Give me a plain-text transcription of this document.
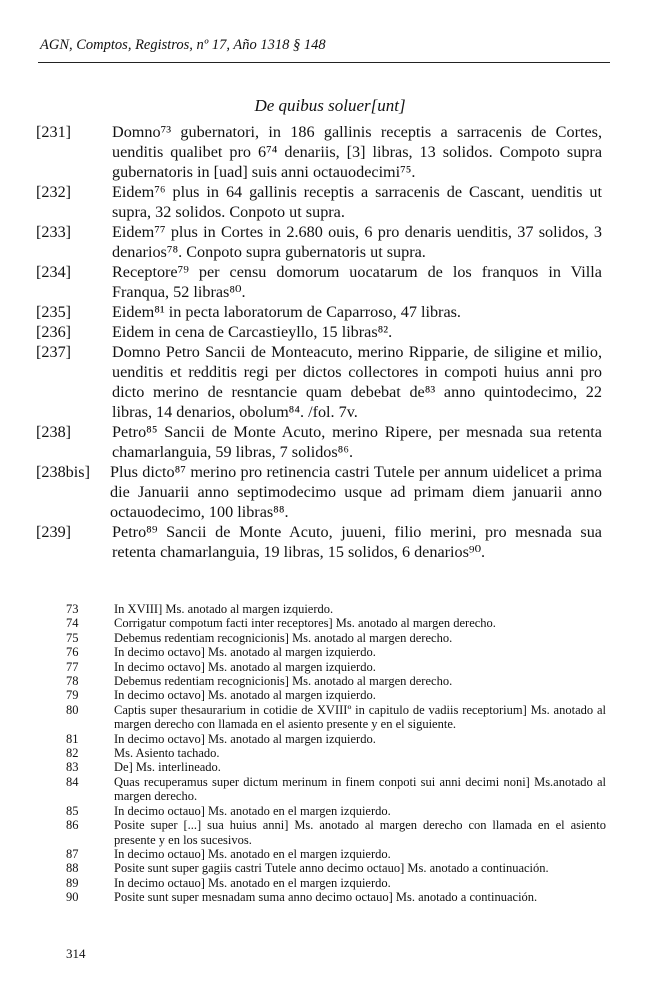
AGN, Comptos, Registros, nº 17, Año 1318 § 148
De quibus soluer[unt]
[231]	Domno⁷³ gubernatori, in 186 gallinis receptis a sarracenis de Cortes, uenditis qualibet pro 6⁷⁴ denariis, [3] libras, 13 solidos. Compoto supra gubernatoris in [uad] suis anni octauodecimi⁷⁵.
[232]	Eidem⁷⁶ plus in 64 gallinis receptis a sarracenis de Cascant, uenditis ut supra, 32 solidos. Conpoto ut supra.
[233]	Eidem⁷⁷ plus in Cortes in 2.680 ouis, 6 pro denaris uenditis, 37 solidos, 3 denarios⁷⁸. Conpoto supra gubernatoris ut supra.
[234]	Receptore⁷⁹ per censu domorum uocatarum de los franquos in Villa Franqua, 52 libras⁸⁰.
[235]	Eidem⁸¹ in pecta laboratorum de Caparroso, 47 libras.
[236]	Eidem in cena de Carcastieyllo, 15 libras⁸².
[237]	Domno Petro Sancii de Monteacuto, merino Ripparie, de siligine et milio, uenditis et redditis regi per dictos collectores in compoti huius anni pro dicto merino de resntancie quam debebat de⁸³ anno quintodecimo, 22 libras, 14 denarios, obolum⁸⁴. /fol. 7v.
[238]	Petro⁸⁵ Sancii de Monte Acuto, merino Ripere, per mesnada sua retenta chamarlanguia, 59 libras, 7 solidos⁸⁶.
[238bis]	Plus dicto⁸⁷ merino pro retinencia castri Tutele per annum uidelicet a prima die Januarii anno septimodecimo usque ad primam diem januarii anno octauodecimo, 100 libras⁸⁸.
[239]	Petro⁸⁹ Sancii de Monte Acuto, juueni, filio merini, pro mesnada sua retenta chamarlanguia, 19 libras, 15 solidos, 6 denarios⁹⁰.
73	In XVIII] Ms. anotado al margen izquierdo.
74	Corrigatur compotum facti inter receptores] Ms. anotado al margen derecho.
75	Debemus redentiam recognicionis] Ms. anotado al margen derecho.
76	In decimo octavo] Ms. anotado al margen izquierdo.
77	In decimo octavo] Ms. anotado al margen izquierdo.
78	Debemus redentiam recognicionis] Ms. anotado al margen derecho.
79	In decimo octavo] Ms. anotado al margen izquierdo.
80	Captis super thesaurarium in cotidie de XVIIIº in capitulo de vadiis receptorium] Ms. anotado al margen derecho con llamada en el asiento presente y en el siguiente.
81	In decimo octavo] Ms. anotado al margen izquierdo.
82	Ms. Asiento tachado.
83	De] Ms. interlineado.
84	Quas recuperamus super dictum merinum in finem conpoti sui anni decimi noni] Ms.anotado al margen derecho.
85	In decimo octauo] Ms. anotado en el margen izquierdo.
86	Posite super [...] sua huius anni] Ms. anotado al margen derecho con llamada en el asiento presente y en los sucesivos.
87	In decimo octauo] Ms. anotado en el margen izquierdo.
88	Posite sunt super gagiis castri Tutele anno decimo octauo] Ms. anotado a continuación.
89	In decimo octauo] Ms. anotado en el margen izquierdo.
90	Posite sunt super mesnadam suma anno decimo octauo] Ms. anotado a continuación.
314
